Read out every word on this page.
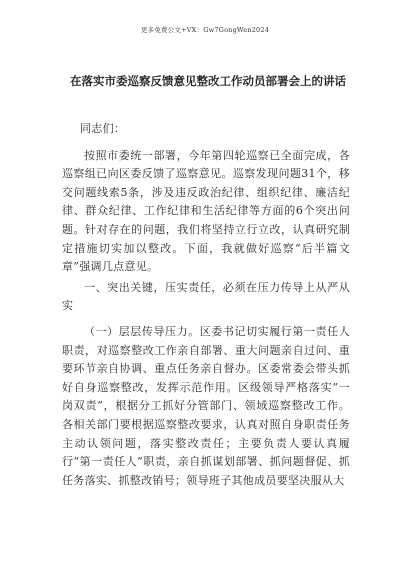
更多免费公文+VX：Gw7GongWen2024
在落实市委巡察反馈意见整改工作动员部署会上的讲话

同志们：

按照市委统一部署，今年第四轮巡察已全面完成，各巡察组已向区委反馈了巡察意见。巡察发现问题31个，移交问题线索5条，涉及违反政治纪律、组织纪律、廉洁纪律、群众纪律、工作纪律和生活纪律等方面的6个突出问题。针对存在的问题，我们将坚持立行立改，认真研究制定措施切实加以整改。下面，我就做好巡察“后半篇文章”强调几点意见。

一、突出关键，压实责任，必须在压力传导上从严从实

（一）层层传导压力。区委书记切实履行第一责任人职责，对巡察整改工作亲自部署、重大问题亲自过问、重要环节亲自协调、重点任务亲自督办。区委常委会带头抓好自身巡察整改，发挥示范作用。区级领导严格落实“一岗双责”，根据分工抓好分管部门、领域巡察整改工作。各相关部门要根据巡察整改要求，认真对照自身职责任务主动认领问题，落实整改责任；主要负责人要认真履行“第一责任人”职责，亲自抓谋划部署、抓问题督促、抓任务落实、抓整改销号；领导班子其他成员要坚决服从大
